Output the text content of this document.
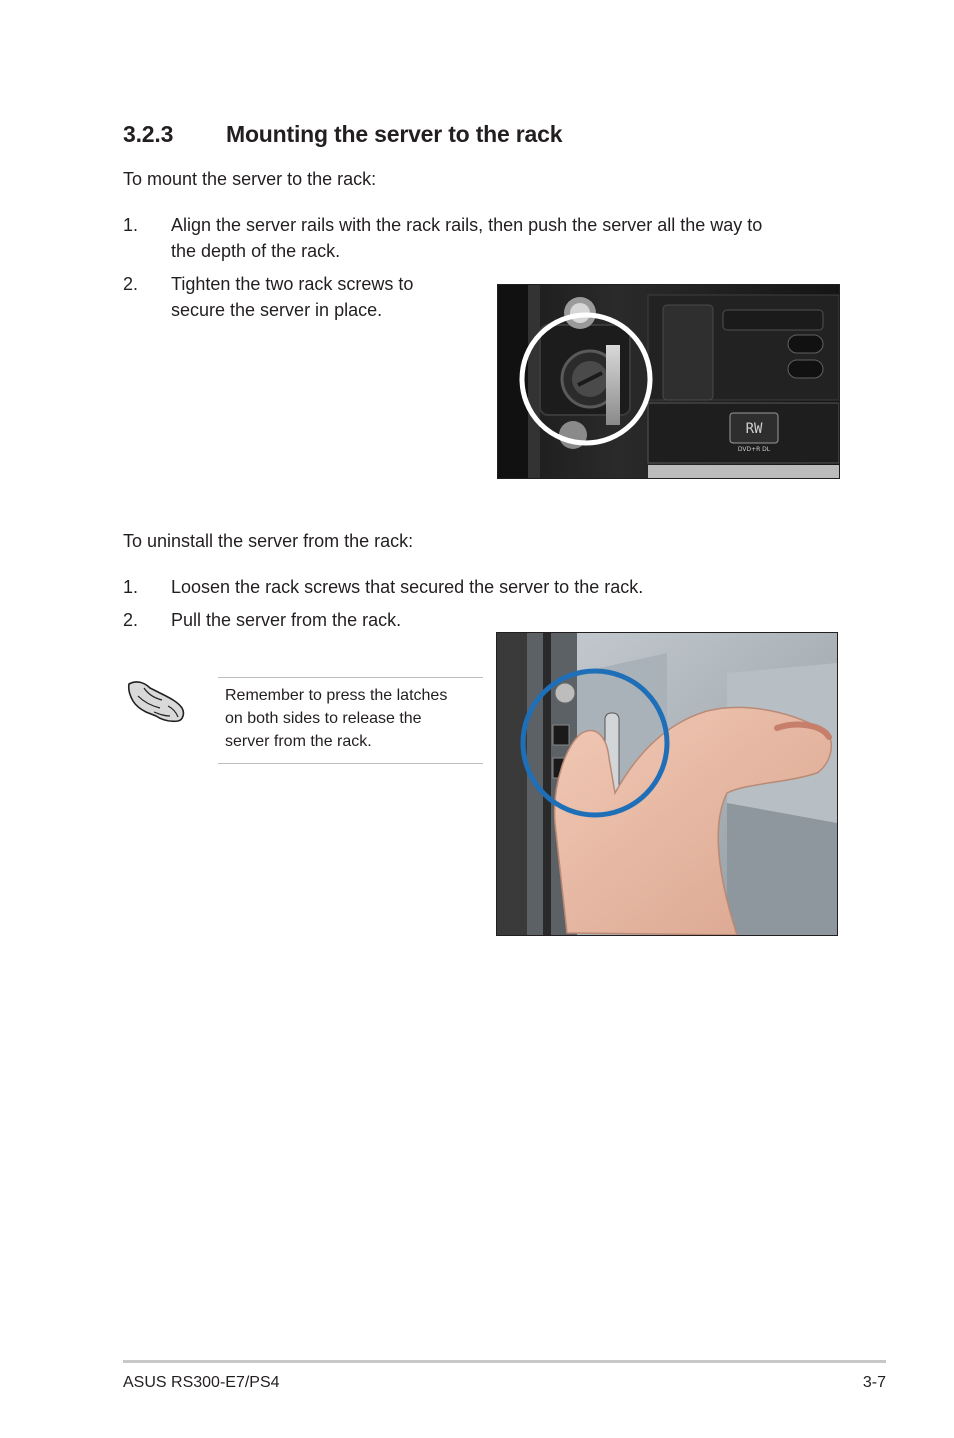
3.2.3 Mounting the server to the rack
To mount the server to the rack:
1. Align the server rails with the rack rails, then push the server all the way to
the depth of the rack.
2. Tighten the two rack screws to
secure the server in place.
RW
DVD+R DL
To uninstall the server from the rack:
1. Loosen the rack screws that secured the server to the rack.
2. Pull the server from the rack.
Remember to press the latches
on both sides to release the
server from the rack.
ASUS RS300-E7/PS4	3-7
